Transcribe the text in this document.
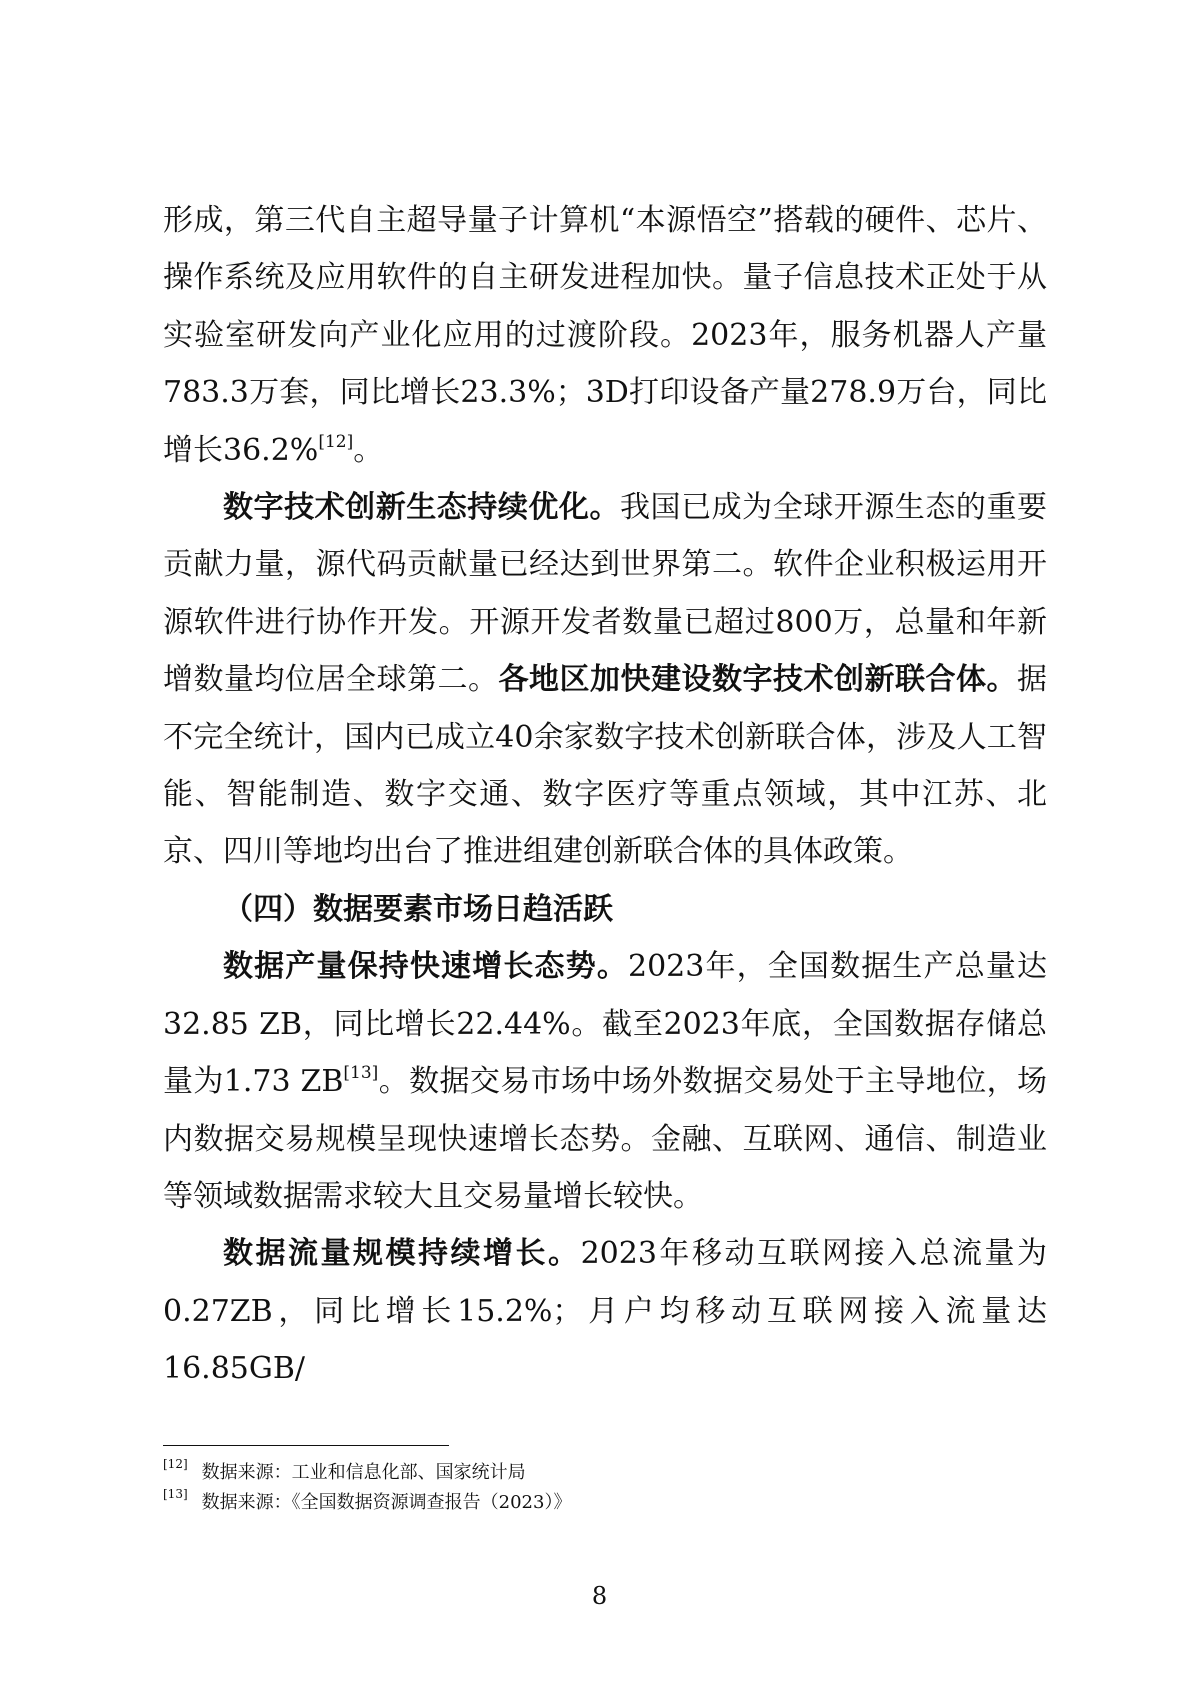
形成，第三代自主超导量子计算机“本源悟空”搭载的硬件、芯片、操作系统及应用软件的自主研发进程加快。量子信息技术正处于从实验室研发向产业化应用的过渡阶段。2023年，服务机器人产量783.3万套，同比增长23.3%；3D打印设备产量278.9万台，同比增长36.2%[12]。

数字技术创新生态持续优化。我国已成为全球开源生态的重要贡献力量，源代码贡献量已经达到世界第二。软件企业积极运用开源软件进行协作开发。开源开发者数量已超过800万，总量和年新增数量均位居全球第二。各地区加快建设数字技术创新联合体。据不完全统计，国内已成立40余家数字技术创新联合体，涉及人工智能、智能制造、数字交通、数字医疗等重点领域，其中江苏、北京、四川等地均出台了推进组建创新联合体的具体政策。

（四）数据要素市场日趋活跃

数据产量保持快速增长态势。2023年，全国数据生产总量达32.85 ZB，同比增长22.44%。截至2023年底，全国数据存储总量为1.73 ZB[13]。数据交易市场中场外数据交易处于主导地位，场内数据交易规模呈现快速增长态势。金融、互联网、通信、制造业等领域数据需求较大且交易量增长较快。

数据流量规模持续增长。2023年移动互联网接入总流量为0.27ZB，同比增长15.2%；月户均移动互联网接入流量达16.85GB/

[12] 数据来源：工业和信息化部、国家统计局
[13] 数据来源：《全国数据资源调查报告（2023）》
8
